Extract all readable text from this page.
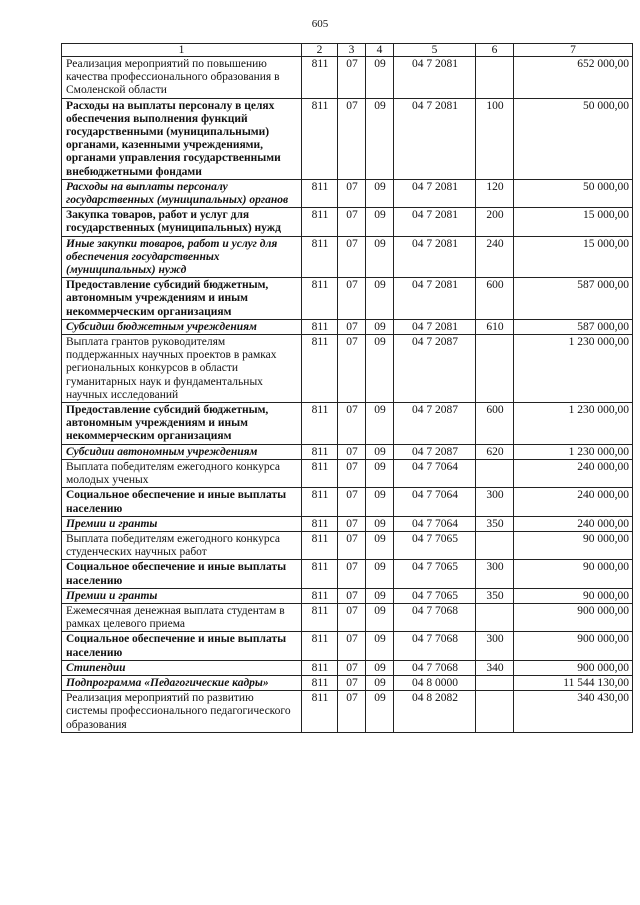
605
1	2	3	4	5	6	7
Реализация мероприятий по повышению качества профессионального образования в Смоленской области	811	07	09	04 7 2081		652 000,00
Расходы на выплаты персоналу в целях обеспечения выполнения функций государственными (муниципальными) органами, казенными учреждениями, органами управления государственными внебюджетными фондами	811	07	09	04 7 2081	100	50 000,00
Расходы на выплаты персоналу государственных (муниципальных) органов	811	07	09	04 7 2081	120	50 000,00
Закупка товаров, работ и услуг для государственных (муниципальных) нужд	811	07	09	04 7 2081	200	15 000,00
Иные закупки товаров, работ и услуг для обеспечения государственных (муниципальных) нужд	811	07	09	04 7 2081	240	15 000,00
Предоставление субсидий бюджетным, автономным учреждениям и иным некоммерческим организациям	811	07	09	04 7 2081	600	587 000,00
Субсидии бюджетным учреждениям	811	07	09	04 7 2081	610	587 000,00
Выплата грантов руководителям поддержанных научных проектов в рамках региональных конкурсов в области гуманитарных наук и фундаментальных научных исследований	811	07	09	04 7 2087		1 230 000,00
Предоставление субсидий бюджетным, автономным учреждениям и иным некоммерческим организациям	811	07	09	04 7 2087	600	1 230 000,00
Субсидии автономным учреждениям	811	07	09	04 7 2087	620	1 230 000,00
Выплата победителям ежегодного конкурса молодых ученых	811	07	09	04 7 7064		240 000,00
Социальное обеспечение и иные выплаты населению	811	07	09	04 7 7064	300	240 000,00
Премии и гранты	811	07	09	04 7 7064	350	240 000,00
Выплата победителям ежегодного конкурса студенческих научных работ	811	07	09	04 7 7065		90 000,00
Социальное обеспечение и иные выплаты населению	811	07	09	04 7 7065	300	90 000,00
Премии и гранты	811	07	09	04 7 7065	350	90 000,00
Ежемесячная денежная выплата студентам в рамках целевого приема	811	07	09	04 7 7068		900 000,00
Социальное обеспечение и иные выплаты населению	811	07	09	04 7 7068	300	900 000,00
Стипендии	811	07	09	04 7 7068	340	900 000,00
Подпрограмма «Педагогические кадры»	811	07	09	04 8 0000		11 544 130,00
Реализация мероприятий по развитию системы профессионального педагогического образования	811	07	09	04 8 2082		340 430,00
